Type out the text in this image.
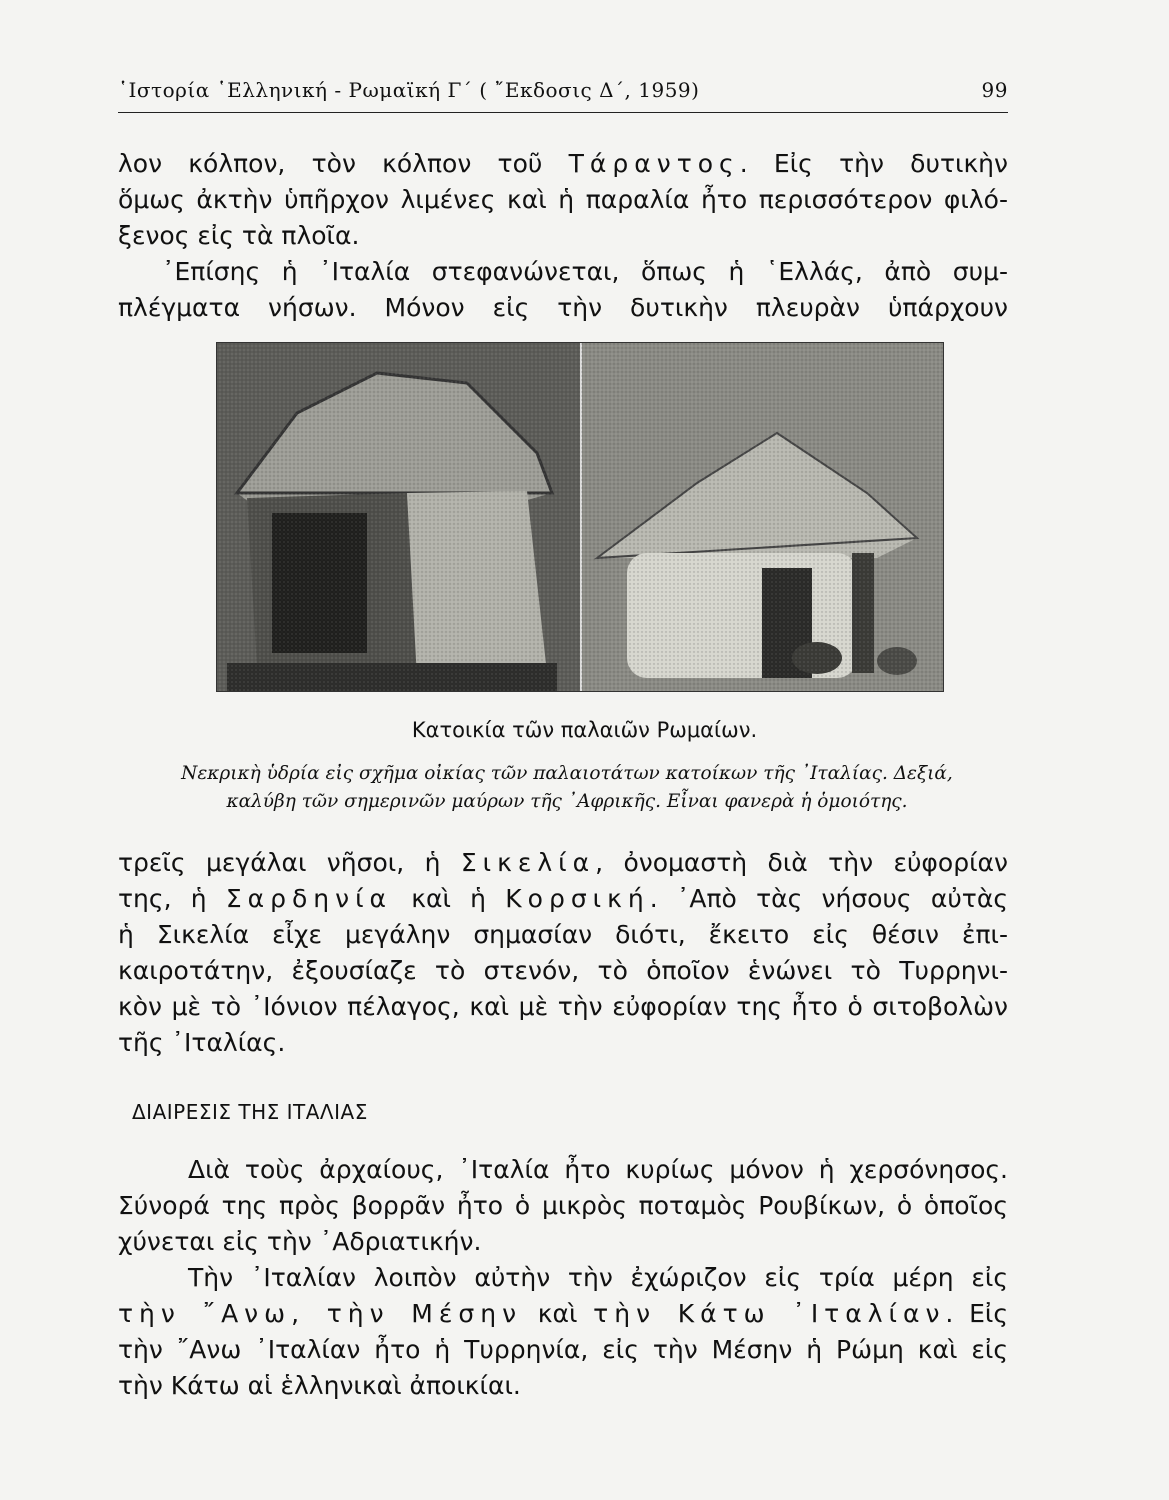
῾Ιστορία ῾Ελληνική - Ρωμαϊκή Γ΄ ( ῎Εκδοσις Δ΄, 1959)	99
λον κόλπον, τὸν κόλπον τοῦ Τάραντος. Εἰς τὴν δυτικὴν
ὅμως ἀκτὴν ὑπῆρχον λιμένες καὶ ἡ παραλία ἦτο περισσότερον φιλό-
ξενος εἰς τὰ πλοῖα.
᾿Επίσης ἡ ᾿Ιταλία στεφανώνεται, ὅπως ἡ ῾Ελλάς, ἀπὸ συμ-
πλέγματα νήσων. Μόνον εἰς τὴν δυτικὴν πλευρὰν ὑπάρχουν
Κατοικία τῶν παλαιῶν Ρωμαίων.
Νεκρικὴ ὑδρία εἰς σχῆμα οἰκίας τῶν παλαιοτάτων κατοίκων τῆς ᾿Ιταλίας. Δεξιά,
καλύβη τῶν σημερινῶν μαύρων τῆς ᾿Αφρικῆς. Εἶναι φανερὰ ἡ ὁμοιότης.
τρεῖς μεγάλαι νῆσοι, ἡ Σικελία, ὀνομαστὴ διὰ τὴν εὐφορίαν
της, ἡ Σαρδηνία καὶ ἡ Κορσική. ᾿Απὸ τὰς νήσους αὐτὰς
ἡ Σικελία εἶχε μεγάλην σημασίαν διότι, ἔκειτο εἰς θέσιν ἐπι-
καιροτάτην, ἐξουσίαζε τὸ στενόν, τὸ ὁποῖον ἑνώνει τὸ Τυρρηνι-
κὸν μὲ τὸ ᾿Ιόνιον πέλαγος, καὶ μὲ τὴν εὐφορίαν της ἦτο ὁ σιτοβολὼν
τῆς ᾿Ιταλίας.
ΔΙΑΙΡΕΣΙΣ ΤΗΣ ΙΤΑΛΙΑΣ
Διὰ τοὺς ἀρχαίους, ᾿Ιταλία ἦτο κυρίως μόνον ἡ χερσόνησος.
Σύνορά της πρὸς βορρᾶν ἦτο ὁ μικρὸς ποταμὸς Ρουβίκων, ὁ ὁποῖος
χύνεται εἰς τὴν ᾿Αδριατικήν.
Τὴν ᾿Ιταλίαν λοιπὸν αὐτὴν τὴν ἐχώριζον εἰς τρία μέρη εἰς
τὴν ῎Ανω, τὴν Μέσην καὶ τὴν Κάτω ᾿Ιταλίαν. Εἰς
τὴν ῎Ανω ᾿Ιταλίαν ἦτο ἡ Τυρρηνία, εἰς τὴν Μέσην ἡ Ρώμη καὶ εἰς
τὴν Κάτω αἱ ἑλληνικαὶ ἀποικίαι.
